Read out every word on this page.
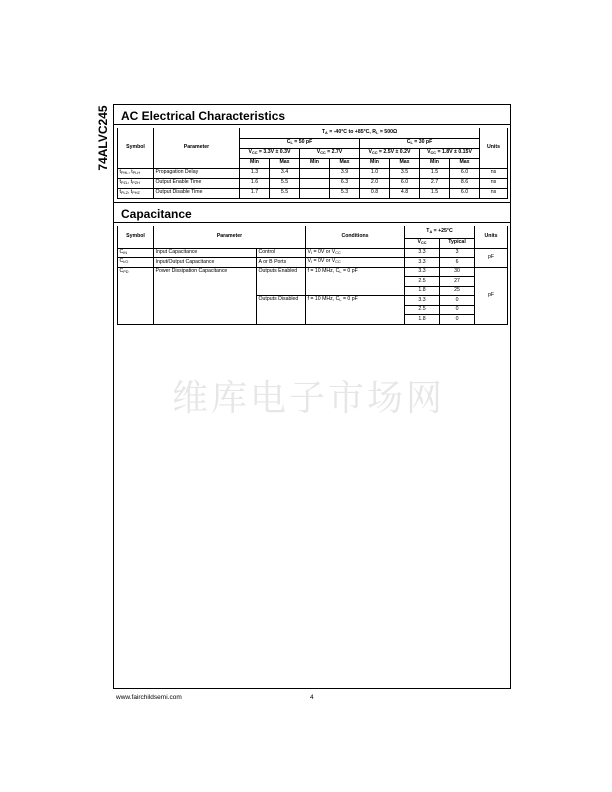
74ALVC245 AC Electrical Characteristics
Symbol	Parameter	$T_A = -40^\circ C$ to +85°C, $R_L = 500\Omega$								Units
		$C_L = 50$ pF				$C_L = 30$ pF				
		$V_{CC} = 3.3V \pm 0.3V$		$V_{CC} = 2.7V$		$V_{CC} = 2.5V \pm 0.2V$		$V_{CC} = 1.8V \pm 0.15V$		
		Min	Max	Min	Max	Min	Max	Min	Max	
$t_{PHL}$, $t_{PLH}$	Propagation Delay	1.3	3.4		3.9	1.0	3.5	1.5	6.0	ns
$t_{PZL}$, $t_{PZH}$	Output Enable Time	1.6	5.5		6.3	2.0	6.0	2.7	8.6	ns
$t_{PLZ}$, $t_{PHZ}$	Output Disable Time	1.7	5.5		5.3	0.8	4.8	1.5	6.0	ns
Capacitance
Symbol	Parameter		Conditions	$T_A = +25^\circ C$		Units
				$V_{CC}$	Typical	
$C_{IN}$	Input Capacitance	Control	$V_I = 0V$ or $V_{CC}$	3.3	3	pF
$C_{I/O}$	Input/Output Capacitance	A or B Ports	$V_I = 0V$ or $V_{CC}$	3.3	6	
$C_{PD}$	Power Dissipation Capacitance	Outputs Enabled	f = 10 MHz, $C_L = 0$ pF	3.3	30	pF
				2.5	27	
				1.8	25	
		Outputs Disabled	f = 10 MHz, $C_L = 0$ pF	3.3	0	
				2.5	0	
				1.8	0	
维库电子市场网
www.fairchildsemi.com	4
